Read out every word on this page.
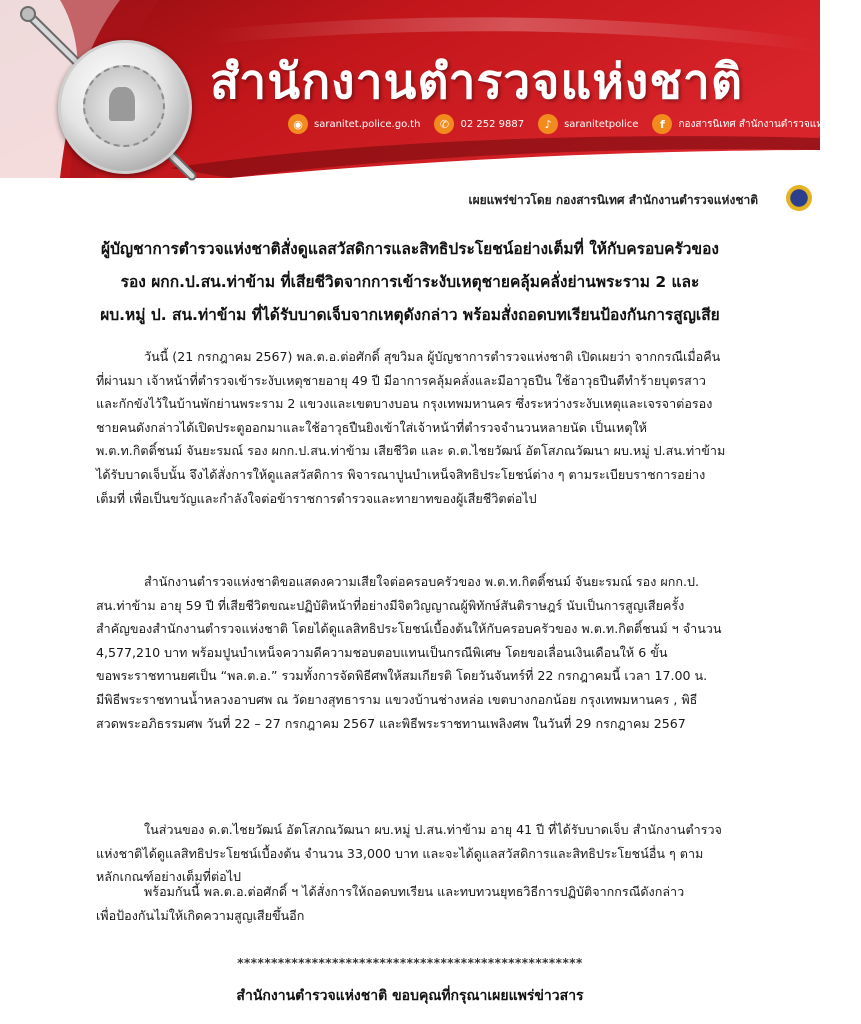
สำนักงานตำรวจแห่งชาติ
◉	saranitet.police.go.th	✆	02 252 9887	♪	saranitetpolice	f	กองสารนิเทศ สำนักงานตำรวจแห่งชาติ
เผยแพร่ข่าวโดย กองสารนิเทศ สำนักงานตำรวจแห่งชาติ
ผู้บัญชาการตำรวจแห่งชาติสั่งดูแลสวัสดิการและสิทธิประโยชน์อย่างเต็มที่ ให้กับครอบครัวของ
รอง ผกก.ป.สน.ท่าข้าม ที่เสียชีวิตจากการเข้าระงับเหตุชายคลุ้มคลั่งย่านพระราม 2 และ
ผบ.หมู่ ป. สน.ท่าข้าม ที่ได้รับบาดเจ็บจากเหตุดังกล่าว พร้อมสั่งถอดบทเรียนป้องกันการสูญเสีย
วันนี้ (21 กรกฎาคม 2567) พล.ต.อ.ต่อศักดิ์ สุขวิมล ผู้บัญชาการตำรวจแห่งชาติ เปิดเผยว่า จากกรณีเมื่อคืน
ที่ผ่านมา เจ้าหน้าที่ตำรวจเข้าระงับเหตุชายอายุ 49 ปี มีอาการคลุ้มคลั่งและมีอาวุธปืน ใช้อาวุธปืนตีทำร้ายบุตรสาว
และกักขังไว้ในบ้านพักย่านพระราม 2 แขวงและเขตบางบอน กรุงเทพมหานคร ซึ่งระหว่างระงับเหตุและเจรจาต่อรอง
ชายคนดังกล่าวได้เปิดประตูออกมาและใช้อาวุธปืนยิงเข้าใส่เจ้าหน้าที่ตำรวจจำนวนหลายนัด เป็นเหตุให้
พ.ต.ท.กิตติ์ชนม์ จันยะรมณ์ รอง ผกก.ป.สน.ท่าข้าม เสียชีวิต และ ด.ต.ไชยวัฒน์ อัตโสภณวัฒนา ผบ.หมู่ ป.สน.ท่าข้าม
ได้รับบาดเจ็บนั้น จึงได้สั่งการให้ดูแลสวัสดิการ พิจารณาปูนบำเหน็จสิทธิประโยชน์ต่าง ๆ ตามระเบียบราชการอย่าง
เต็มที่ เพื่อเป็นขวัญและกำลังใจต่อข้าราชการตำรวจและทายาทของผู้เสียชีวิตต่อไป
สำนักงานตำรวจแห่งชาติขอแสดงความเสียใจต่อครอบครัวของ พ.ต.ท.กิตติ์ชนม์ จันยะรมณ์ รอง ผกก.ป.
สน.ท่าข้าม อายุ 59 ปี ที่เสียชีวิตขณะปฏิบัติหน้าที่อย่างมีจิตวิญญาณผู้พิทักษ์สันติราษฎร์ นับเป็นการสูญเสียครั้ง
สำคัญของสำนักงานตำรวจแห่งชาติ โดยได้ดูแลสิทธิประโยชน์เบื้องต้นให้กับครอบครัวของ พ.ต.ท.กิตติ์ชนม์ ฯ จำนวน
4,577,210 บาท พร้อมปูนบำเหน็จความดีความชอบตอบแทนเป็นกรณีพิเศษ โดยขอเลื่อนเงินเดือนให้ 6 ขั้น
ขอพระราชทานยศเป็น “พล.ต.อ.” รวมทั้งการจัดพิธีศพให้สมเกียรติ โดยวันจันทร์ที่ 22 กรกฎาคมนี้ เวลา 17.00 น.
มีพิธีพระราชทานน้ำหลวงอาบศพ ณ วัดยางสุทธาราม แขวงบ้านช่างหล่อ เขตบางกอกน้อย กรุงเทพมหานคร , พิธี
สวดพระอภิธรรมศพ วันที่ 22 – 27 กรกฎาคม 2567 และพิธีพระราชทานเพลิงศพ ในวันที่ 29 กรกฎาคม 2567
ในส่วนของ ด.ต.ไชยวัฒน์ อัตโสภณวัฒนา ผบ.หมู่ ป.สน.ท่าข้าม อายุ 41 ปี ที่ได้รับบาดเจ็บ สำนักงานตำรวจ
แห่งชาติได้ดูแลสิทธิประโยชน์เบื้องต้น จำนวน 33,000 บาท และจะได้ดูแลสวัสดิการและสิทธิประโยชน์อื่น ๆ ตาม
หลักเกณฑ์อย่างเต็มที่ต่อไป
พร้อมกันนี้ พล.ต.อ.ต่อศักดิ์ ฯ ได้สั่งการให้ถอดบทเรียน และทบทวนยุทธวิธีการปฏิบัติจากกรณีดังกล่าว
เพื่อป้องกันไม่ให้เกิดความสูญเสียขึ้นอีก
***************************************************
สำนักงานตำรวจแห่งชาติ ขอบคุณที่กรุณาเผยแพร่ข่าวสาร
